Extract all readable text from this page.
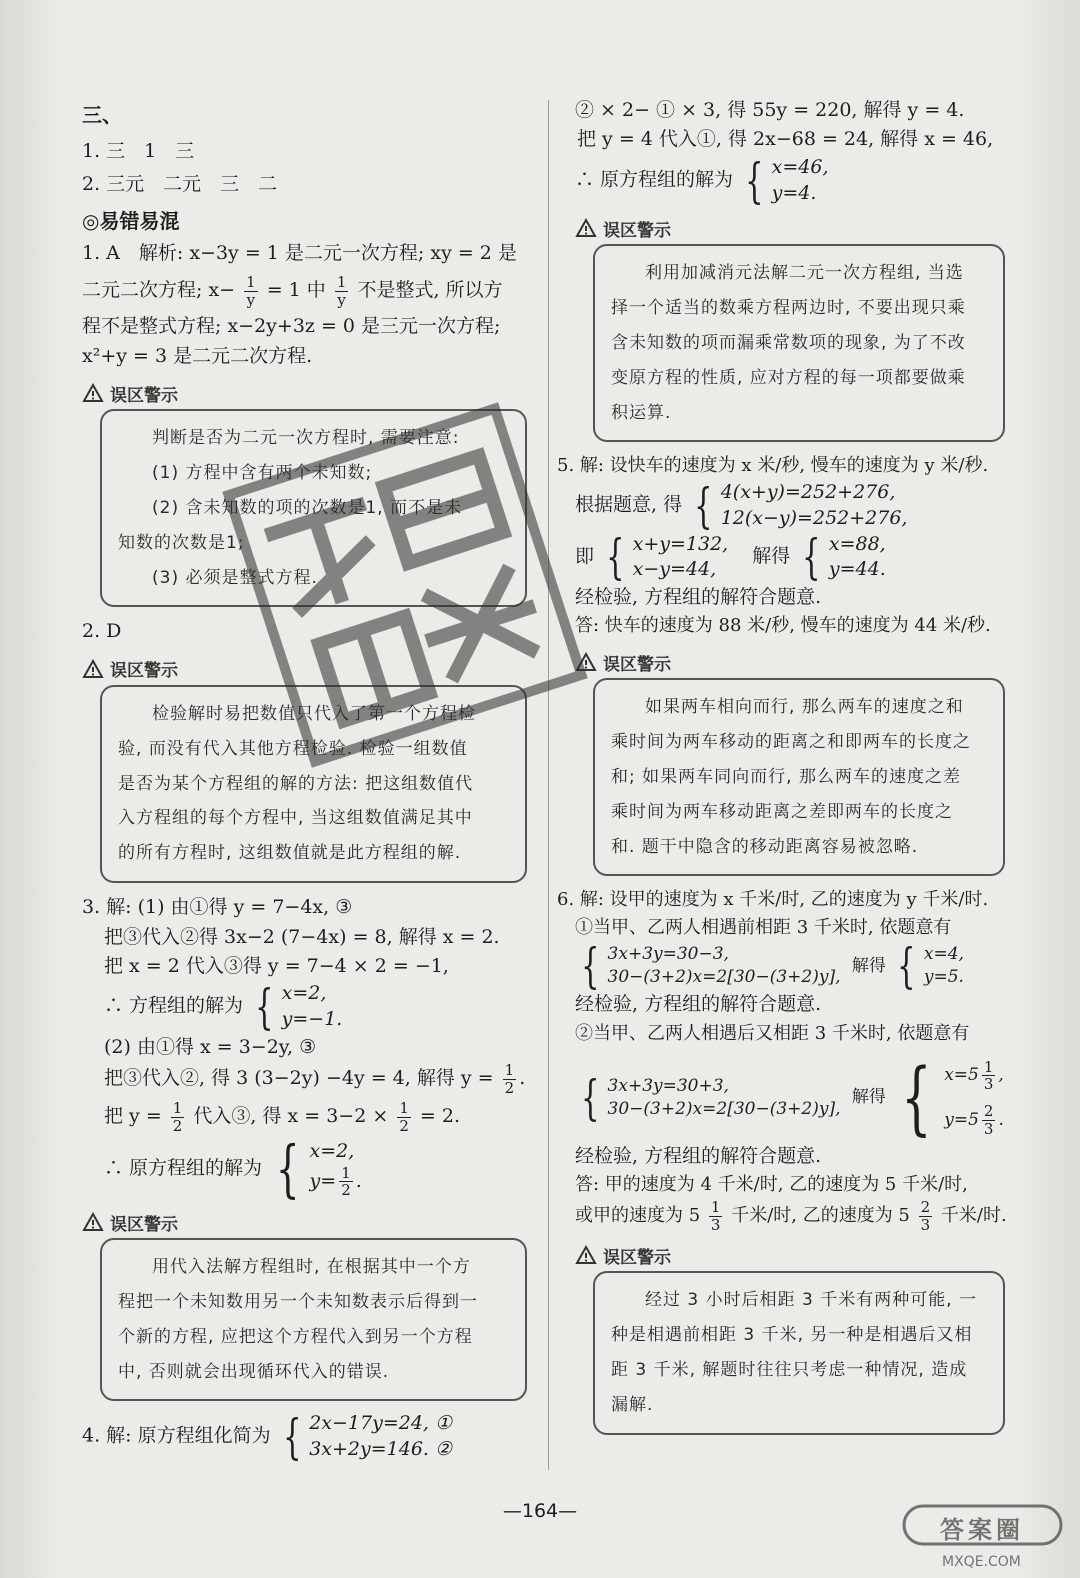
三、
1. 三　1　三
2. 三元　二元　三　二
◎易错易混
1. A　解析: x−3y = 1 是二元一次方程; xy = 2 是
二元二次方程; $x- \frac{1}{y} = 1$ 中 $\frac{1}{y}$ 不是整式, 所以方
程不是整式方程; x−2y+3z = 0 是三元一次方程;
x²+y = 3 是二元二次方程.
误区警示
判断是否为二元一次方程时, 需要注意:
(1) 方程中含有两个未知数;
(2) 含未知数的项的次数是1, 而不是未
知数的次数是1;
(3) 必须是整式方程.
2. D
误区警示
检验解时易把数值只代入了第一个方程检
验, 而没有代入其他方程检验. 检验一组数值
是否为某个方程组的解的方法: 把这组数值代
入方程组的每个方程中, 当这组数值满足其中
的所有方程时, 这组数值就是此方程组的解.
3. 解: (1) 由①得 y = 7−4x, ③
把③代入②得 3x−2 (7−4x) = 8, 解得 x = 2.
把 x = 2 代入③得 y = 7−4 × 2 = −1,
∴ 方程组的解为 { x=2,
y=−1.
(2) 由①得 x = 3−2y, ③
把③代入②, 得 3 (3−2y) −4y = 4, 解得 $y = \frac{1}{2}$ .
把 $y = \frac{1}{2}$ 代入③, 得 $x = 3-2 \times \frac{1}{2} = 2$.
∴ 原方程组的解为 { x=2,
$y= \frac{1}{2}$ .
误区警示
用代入法解方程组时, 在根据其中一个方
程把一个未知数用另一个未知数表示后得到一
个新的方程, 应把这个方程代入到另一个方程
中, 否则就会出现循环代入的错误.
4. 解: 原方程组化简为 { 2x−17y=24, ①
3x+2y=146. ②
② × 2− ① × 3, 得 55y = 220, 解得 y = 4.
把 y = 4 代入①, 得 2x−68 = 24, 解得 x = 46,
∴ 原方程组的解为 { x=46,
y=4.
误区警示
利用加减消元法解二元一次方程组, 当选
择一个适当的数乘方程两边时, 不要出现只乘
含未知数的项而漏乘常数项的现象, 为了不改
变原方程的性质, 应对方程的每一项都要做乘
积运算.
5. 解: 设快车的速度为 x 米/秒, 慢车的速度为 y 米/秒.
根据题意, 得 { 4(x+y)=252+276,
12(x−y)=252+276,
即 { x+y=132,
x−y=44,
解得 { x=88,
y=44.
经检验, 方程组的解符合题意.
答: 快车的速度为 88 米/秒, 慢车的速度为 44 米/秒.
误区警示
如果两车相向而行, 那么两车的速度之和
乘时间为两车移动的距离之和即两车的长度之
和; 如果两车同向而行, 那么两车的速度之差
乘时间为两车移动距离之差即两车的长度之
和. 题干中隐含的移动距离容易被忽略.
6. 解: 设甲的速度为 x 千米/时, 乙的速度为 y 千米/时.
①当甲、乙两人相遇前相距 3 千米时, 依题意有
{ 3x+3y=30−3,
30−(3+2)x=2[30−(3+2)y],
解得 { x=4,
y=5.
经检验, 方程组的解符合题意.
②当甲、乙两人相遇后又相距 3 千米时, 依题意有
{ 3x+3y=30+3,
30−(3+2)x=2[30−(3+2)y],
解得 { $x=5 \frac{1}{3}$ ,
$y=5 \frac{2}{3}$ .
经检验, 方程组的解符合题意.
答: 甲的速度为 4 千米/时, 乙的速度为 5 千米/时,
或甲的速度为 $5 \frac{1}{3}$ 千米/时, 乙的速度为 $5 \frac{2}{3}$ 千米/时.
误区警示
经过 3 小时后相距 3 千米有两种可能, 一
种是相遇前相距 3 千米, 另一种是相遇后又相
距 3 千米, 解题时往往只考虑一种情况, 造成
漏解.
—164—
答案圈
MXQE.COM
